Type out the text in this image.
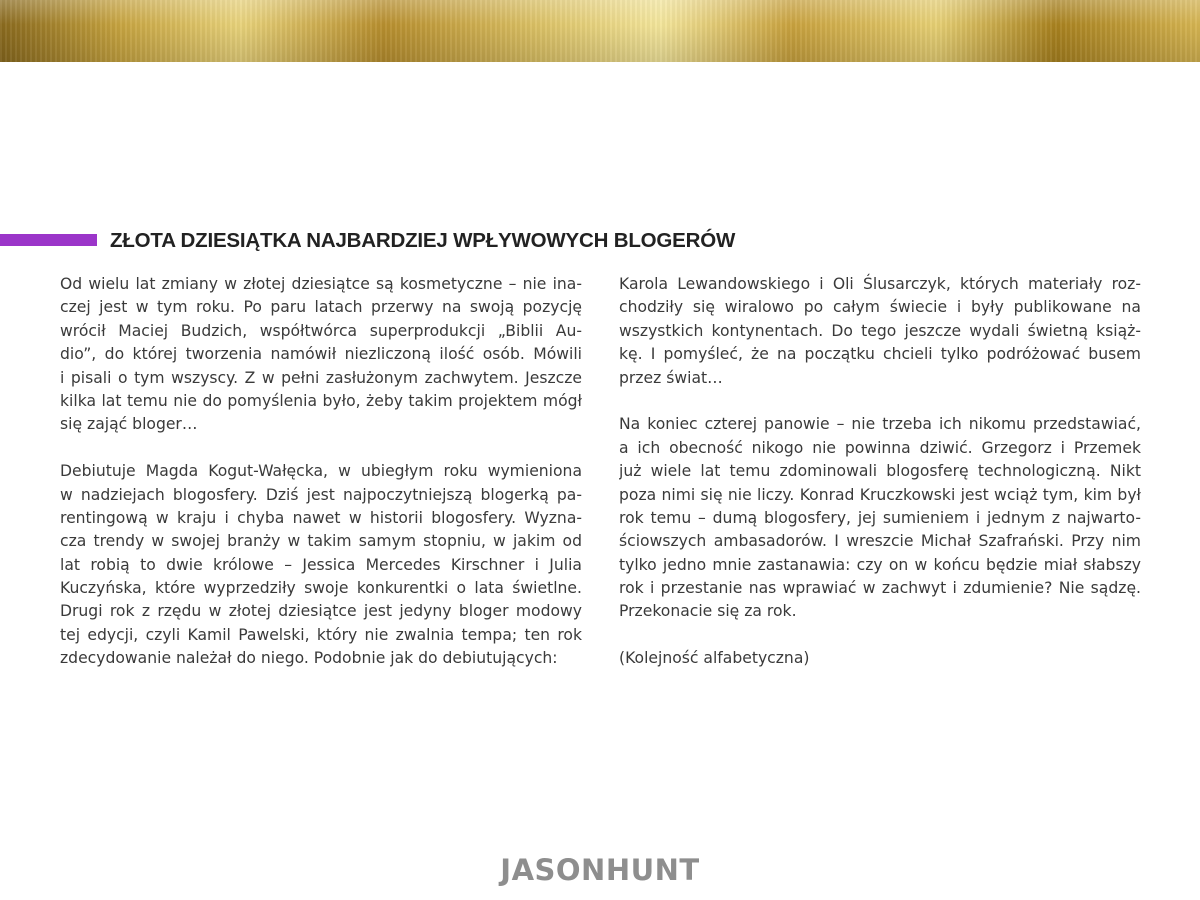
ZŁOTA DZIESIĄTKA NAJBARDZIEJ WPŁYWOWYCH BLOGERÓW
Od wielu lat zmiany w złotej dziesiątce są kosmetyczne – nie ina-
czej jest w tym roku. Po paru latach przerwy na swoją pozycję
wrócił Maciej Budzich, współtwórca superprodukcji „Biblii Au-
dio”, do której tworzenia namówił niezliczoną ilość osób. Mówili
i pisali o tym wszyscy. Z w pełni zasłużonym zachwytem. Jeszcze
kilka lat temu nie do pomyślenia było, żeby takim projektem mógł
się zająć bloger…
Debiutuje Magda Kogut-Wałęcka, w ubiegłym roku wymieniona
w nadziejach blogosfery. Dziś jest najpoczytniejszą blogerką pa-
rentingową w kraju i chyba nawet w historii blogosfery. Wyzna-
cza trendy w swojej branży w takim samym stopniu, w jakim od
lat robią to dwie królowe – Jessica Mercedes Kirschner i Julia
Kuczyńska, które wyprzedziły swoje konkurentki o lata świetlne.
Drugi rok z rzędu w złotej dziesiątce jest jedyny bloger modowy
tej edycji, czyli Kamil Pawelski, który nie zwalnia tempa; ten rok
zdecydowanie należał do niego. Podobnie jak do debiutujących:
Karola Lewandowskiego i Oli Ślusarczyk, których materiały roz-
chodziły się wiralowo po całym świecie i były publikowane na
wszystkich kontynentach. Do tego jeszcze wydali świetną książ-
kę. I pomyśleć, że na początku chcieli tylko podróżować busem
przez świat…
Na koniec czterej panowie – nie trzeba ich nikomu przedstawiać,
a ich obecność nikogo nie powinna dziwić. Grzegorz i Przemek
już wiele lat temu zdominowali blogosferę technologiczną. Nikt
poza nimi się nie liczy. Konrad Kruczkowski jest wciąż tym, kim był
rok temu – dumą blogosfery, jej sumieniem i jednym z najwarto-
ściowszych ambasadorów. I wreszcie Michał Szafrański. Przy nim
tylko jedno mnie zastanawia: czy on w końcu będzie miał słabszy
rok i przestanie nas wprawiać w zachwyt i zdumienie? Nie sądzę.
Przekonacie się za rok.
(Kolejność alfabetyczna)
JASONHUNT
